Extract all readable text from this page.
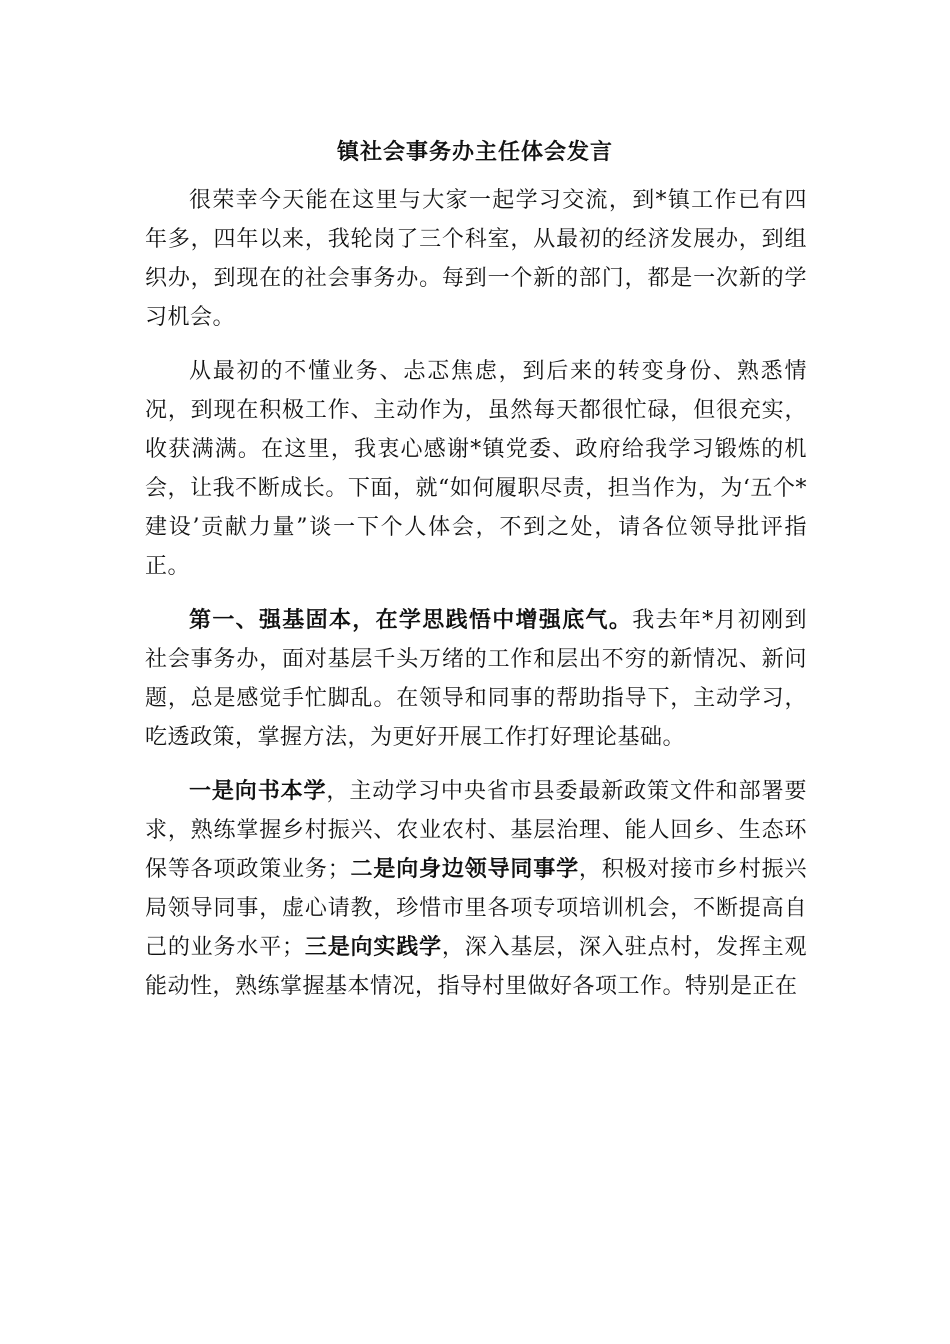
镇社会事务办主任体会发言

很荣幸今天能在这里与大家一起学习交流，到*镇工作已有四年多，四年以来，我轮岗了三个科室，从最初的经济发展办，到组织办，到现在的社会事务办。每到一个新的部门，都是一次新的学习机会。

从最初的不懂业务、忐忑焦虑，到后来的转变身份、熟悉情况，到现在积极工作、主动作为，虽然每天都很忙碌，但很充实，收获满满。在这里，我衷心感谢*镇党委、政府给我学习锻炼的机会，让我不断成长。下面，就“如何履职尽责，担当作为，为‘五个*建设’贡献力量”谈一下个人体会，不到之处，请各位领导批评指正。

第一、强基固本，在学思践悟中增强底气。我去年*月初刚到社会事务办，面对基层千头万绪的工作和层出不穷的新情况、新问题，总是感觉手忙脚乱。在领导和同事的帮助指导下，主动学习，吃透政策，掌握方法，为更好开展工作打好理论基础。

一是向书本学，主动学习中央省市县委最新政策文件和部署要求，熟练掌握乡村振兴、农业农村、基层治理、能人回乡、生态环保等各项政策业务；二是向身边领导同事学，积极对接市乡村振兴局领导同事，虚心请教，珍惜市里各项专项培训机会，不断提高自己的业务水平；三是向实践学，深入基层，深入驻点村，发挥主观能动性，熟练掌握基本情况，指导村里做好各项工作。特别是正在
